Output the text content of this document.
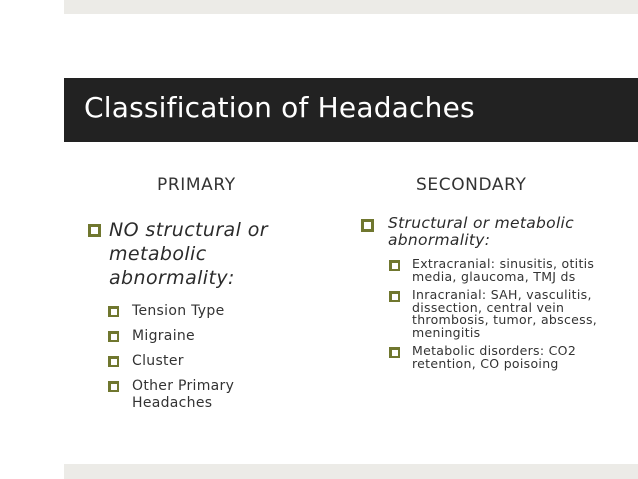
Classification of Headaches
PRIMARY	SECONDARY
NO structural or metabolic abnormality:
Tension Type
Migraine
Cluster
Other Primary Headaches
Structural or metabolic abnormality:
Extracranial: sinusitis, otitis media, glaucoma, TMJ ds
Inracranial: SAH, vasculitis, dissection, central vein thrombosis, tumor, abscess, meningitis
Metabolic disorders: CO2 retention, CO poisoing
